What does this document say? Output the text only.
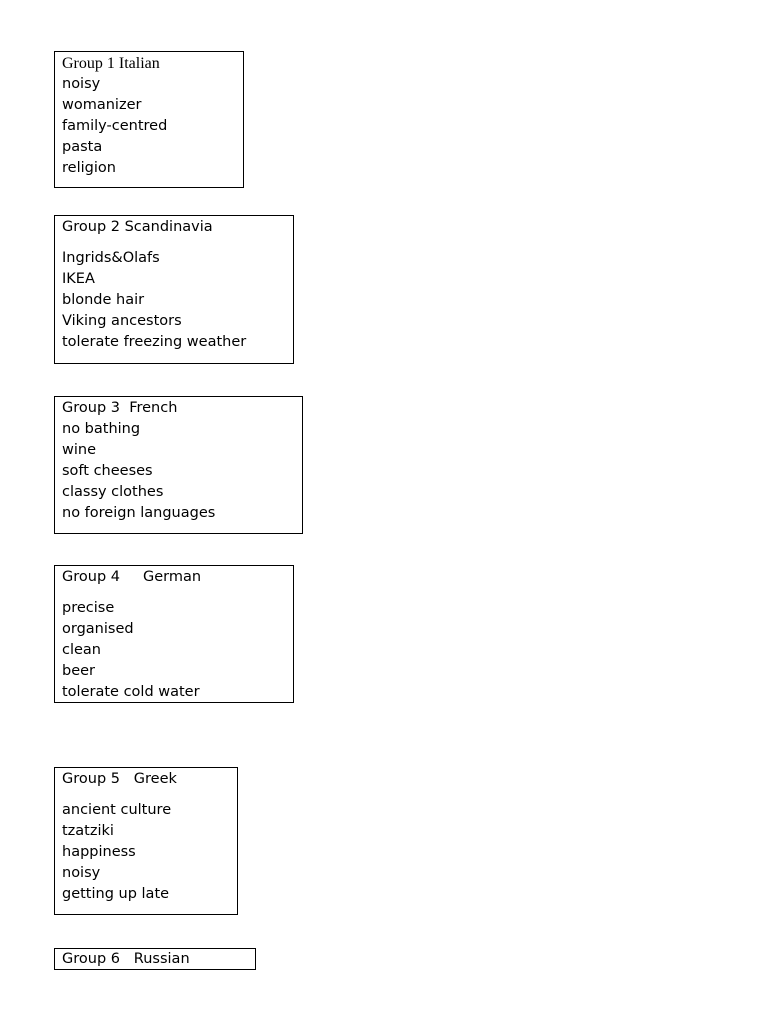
Group 1 Italian
noisy
womanizer
family-centred
pasta
religion
Group 2 Scandinavia
Ingrids&Olafs
IKEA
blonde hair
Viking ancestors
tolerate freezing weather
Group 3  French
no bathing
wine
soft cheeses
classy clothes
no foreign languages
Group 4     German
precise
organised
clean
beer
tolerate cold water
Group 5   Greek
ancient culture
tzatziki
happiness
noisy
getting up late
Group 6   Russian
